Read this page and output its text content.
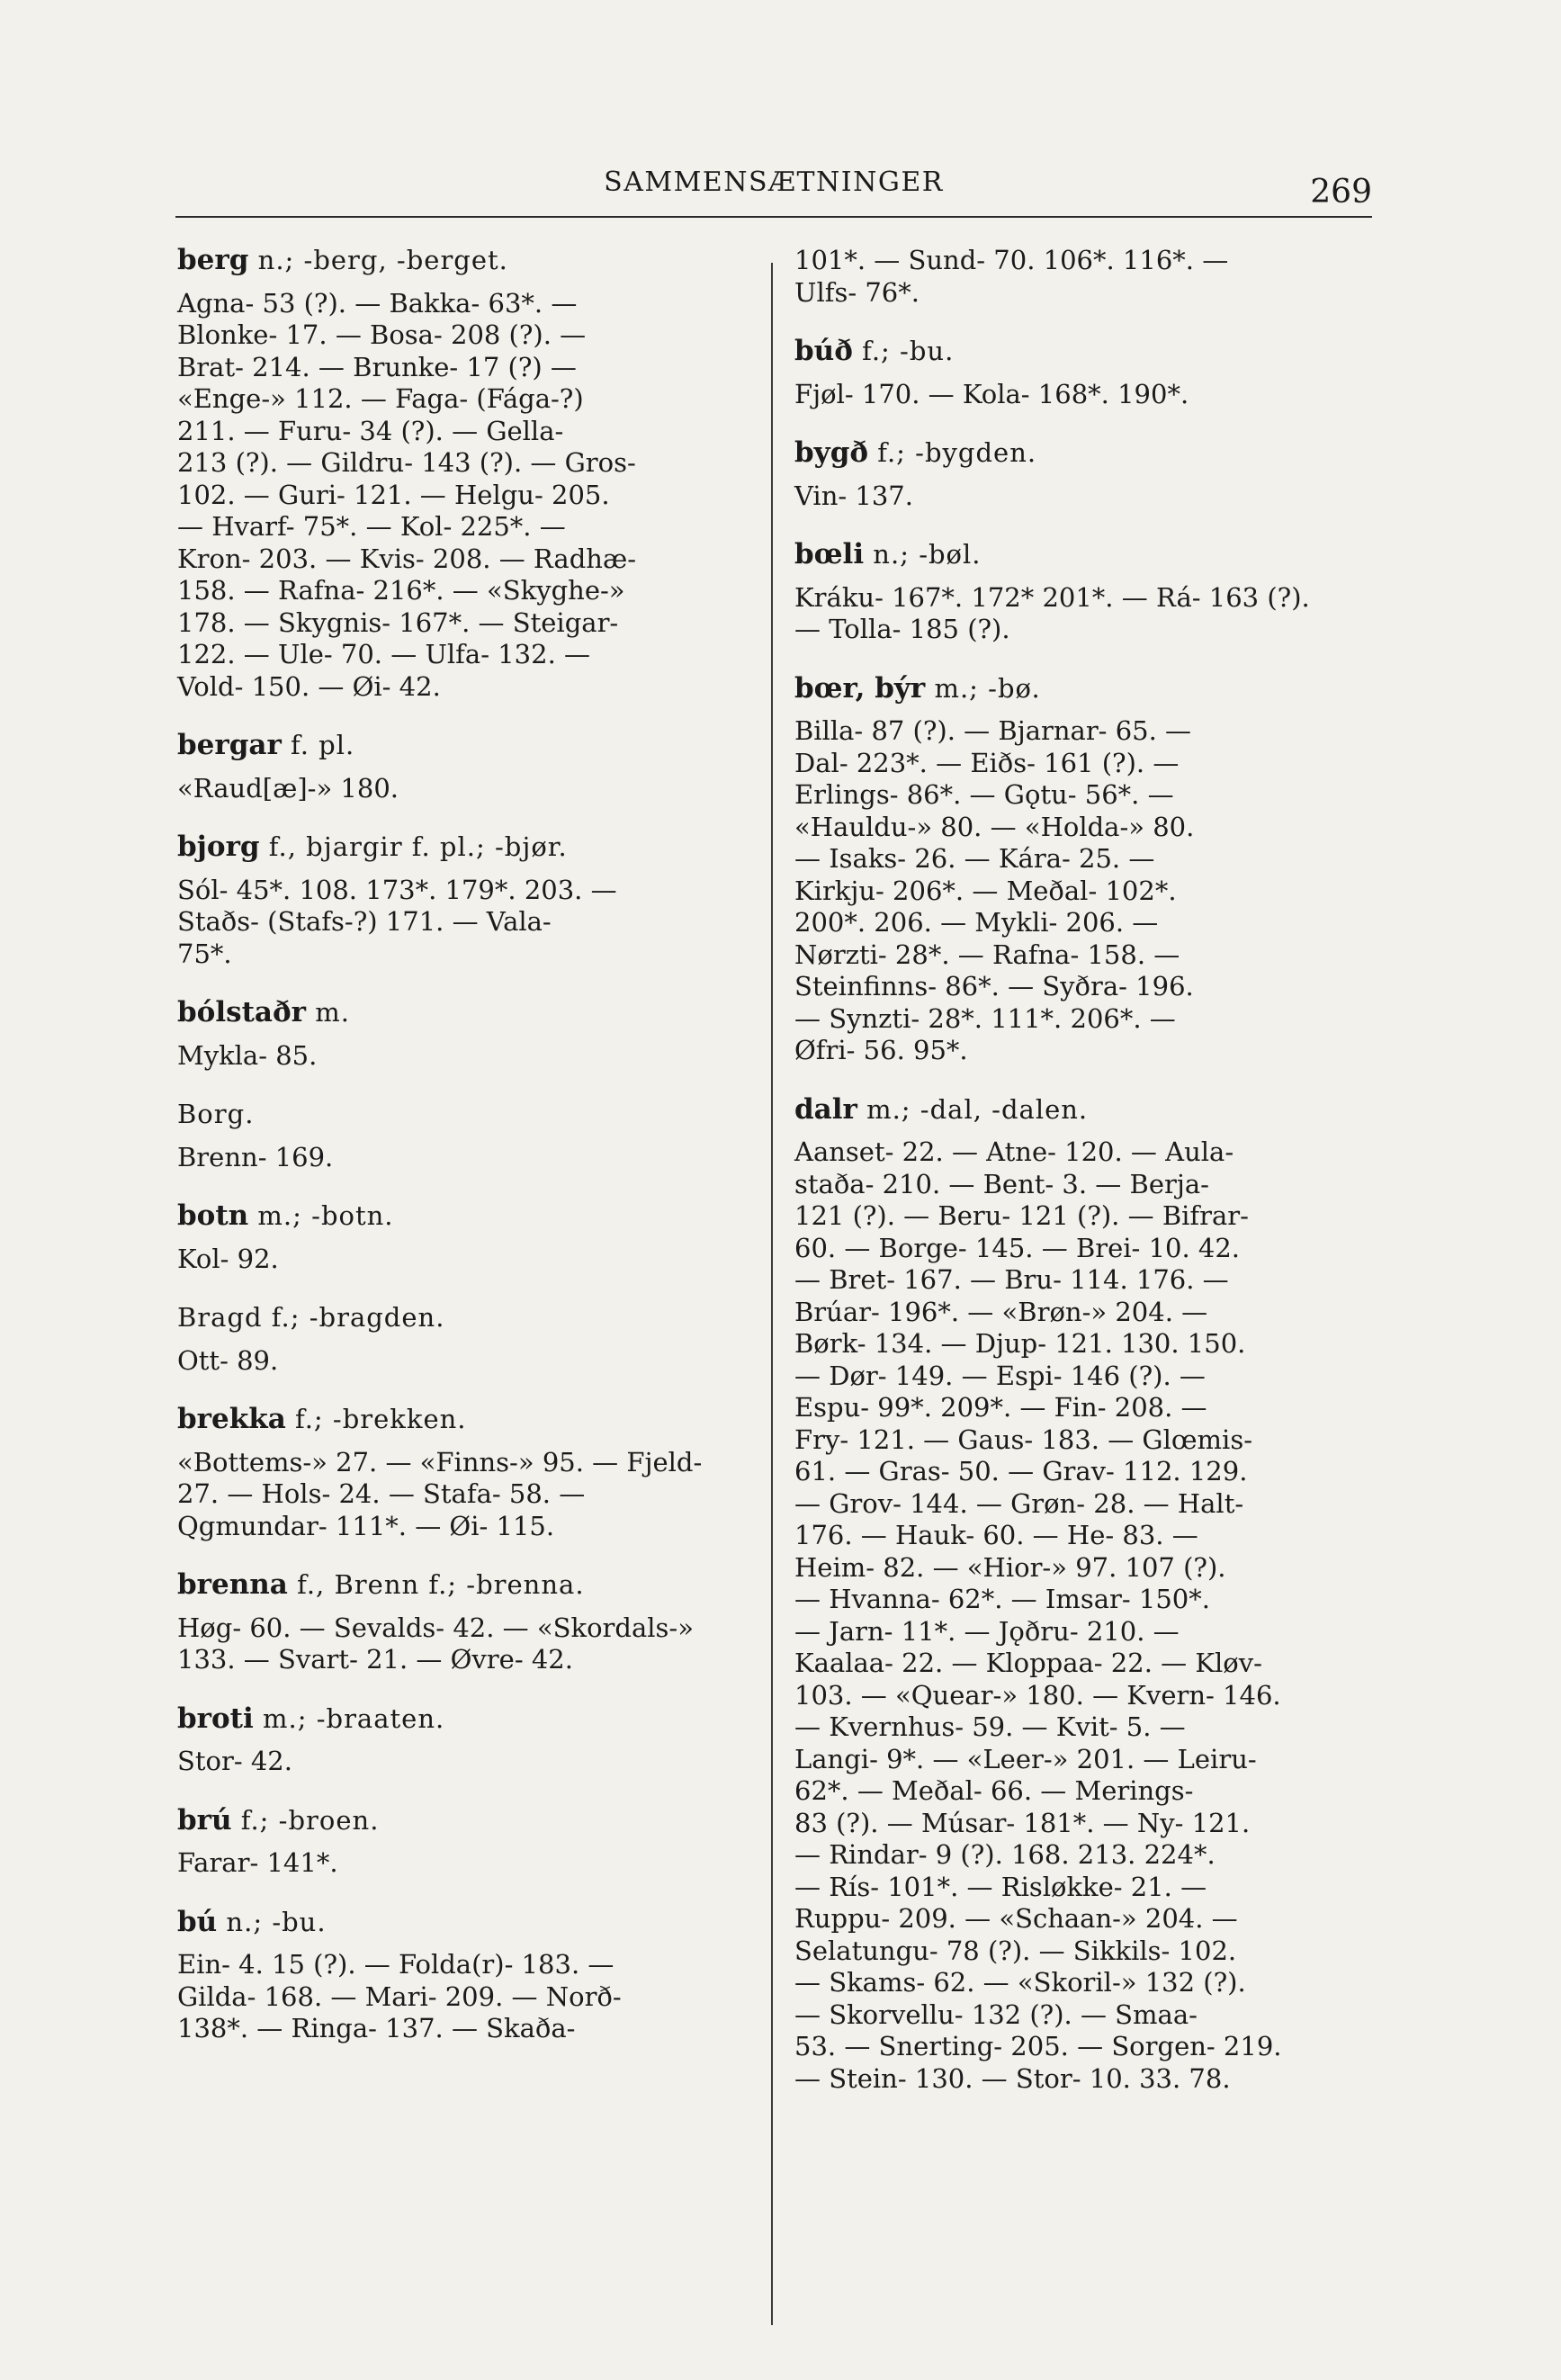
SAMMENSÆTNINGER	269
berg n.; -berg, -berget.
Agna- 53 (?). — Bakka- 63*. —
Blonke- 17. — Bosa- 208 (?). —
Brat- 214. — Brunke- 17 (?) —
«Enge-» 112. — Faga- (Fága-?)
211. — Furu- 34 (?). — Gella-
213 (?). — Gildru- 143 (?). — Gros-
102. — Guri- 121. — Helgu- 205.
— Hvarf- 75*. — Kol- 225*. —
Kron- 203. — Kvis- 208. — Radhæ-
158. — Rafna- 216*. — «Skyghe-»
178. — Skygnis- 167*. — Steigar-
122. — Ule- 70. — Ulfa- 132. —
Vold- 150. — Øi- 42.
bergar f. pl.
«Raud[æ]-» 180.
bjorg f., bjargir f. pl.; -bjør.
Sól- 45*. 108. 173*. 179*. 203. —
Staðs- (Stafs-?) 171. — Vala-
75*.
bólstaðr m.
Mykla- 85.
Borg.
Brenn- 169.
botn m.; -botn.
Kol- 92.
Bragd f.; -bragden.
Ott- 89.
brekka f.; -brekken.
«Bottems-» 27. — «Finns-» 95. — Fjeld-
27. — Hols- 24. — Stafa- 58. —
Qgmundar- 111*. — Øi- 115.
brenna f., Brenn f.; -brenna.
Høg- 60. — Sevalds- 42. — «Skordals-»
133. — Svart- 21. — Øvre- 42.
broti m.; -braaten.
Stor- 42.
brú f.; -broen.
Farar- 141*.
bú n.; -bu.
Ein- 4. 15 (?). — Folda(r)- 183. —
Gilda- 168. — Mari- 209. — Norð-
138*. — Ringa- 137. — Skaða-
101*. — Sund- 70. 106*. 116*. —
Ulfs- 76*.
búð f.; -bu.
Fjøl- 170. — Kola- 168*. 190*.
bygð f.; -bygden.
Vin- 137.
bœli n.; -bøl.
Kráku- 167*. 172* 201*. — Rá- 163 (?).
— Tolla- 185 (?).
bœr, býr m.; -bø.
Billa- 87 (?). — Bjarnar- 65. —
Dal- 223*. — Eiðs- 161 (?). —
Erlings- 86*. — Gǫtu- 56*. —
«Hauldu-» 80. — «Holda-» 80.
— Isaks- 26. — Kára- 25. —
Kirkju- 206*. — Meðal- 102*.
200*. 206. — Mykli- 206. —
Nørzti- 28*. — Rafna- 158. —
Steinfinns- 86*. — Syðra- 196.
— Synzti- 28*. 111*. 206*. —
Øfri- 56. 95*.
dalr m.; -dal, -dalen.
Aanset- 22. — Atne- 120. — Aula-
staða- 210. — Bent- 3. — Berja-
121 (?). — Beru- 121 (?). — Bifrar-
60. — Borge- 145. — Brei- 10. 42.
— Bret- 167. — Bru- 114. 176. —
Brúar- 196*. — «Brøn-» 204. —
Børk- 134. — Djup- 121. 130. 150.
— Dør- 149. — Espi- 146 (?). —
Espu- 99*. 209*. — Fin- 208. —
Fry- 121. — Gaus- 183. — Glœmis-
61. — Gras- 50. — Grav- 112. 129.
— Grov- 144. — Grøn- 28. — Halt-
176. — Hauk- 60. — He- 83. —
Heim- 82. — «Hior-» 97. 107 (?).
— Hvanna- 62*. — Imsar- 150*.
— Jarn- 11*. — Jǫðru- 210. —
Kaalaa- 22. — Kloppaa- 22. — Kløv-
103. — «Quear-» 180. — Kvern- 146.
— Kvernhus- 59. — Kvit- 5. —
Langi- 9*. — «Leer-» 201. — Leiru-
62*. — Meðal- 66. — Merings-
83 (?). — Músar- 181*. — Ny- 121.
— Rindar- 9 (?). 168. 213. 224*.
— Rís- 101*. — Risløkke- 21. —
Ruppu- 209. — «Schaan-» 204. —
Selatungu- 78 (?). — Sikkils- 102.
— Skams- 62. — «Skoril-» 132 (?).
— Skorvellu- 132 (?). — Smaa-
53. — Snerting- 205. — Sorgen- 219.
— Stein- 130. — Stor- 10. 33. 78.
